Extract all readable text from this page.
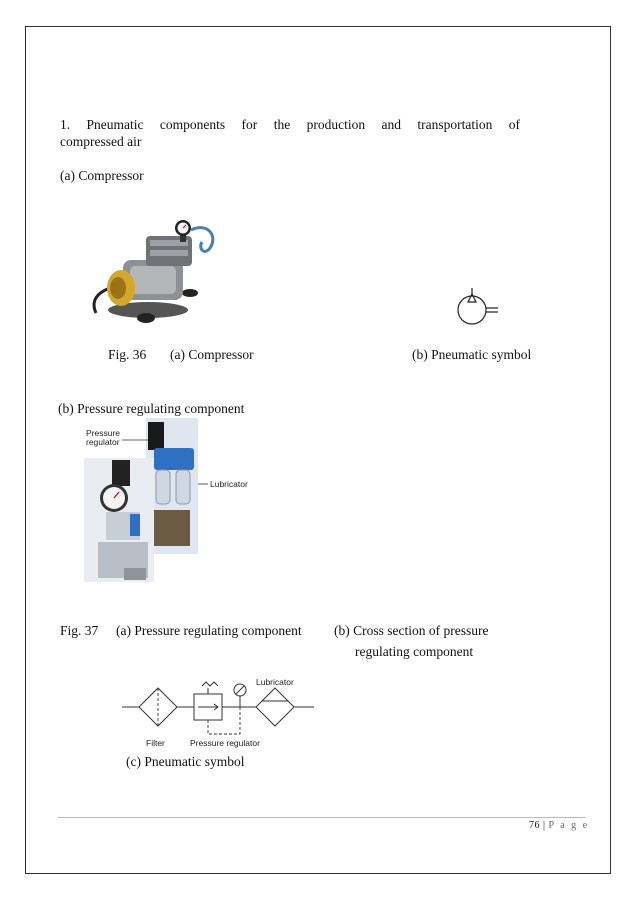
1. Pneumatic components for the production and transportation of
compressed air
(a) Compressor
Fig. 36 (a) Compressor	(b) Pneumatic symbol
(b) Pressure regulating component
Pressure
regulator
Lubricator
Fig. 37 (a) Pressure regulating component (b) Cross section of pressure
regulating component
Filter	Pressure regulator
Lubricator
(c) Pneumatic symbol
76 | P a g e
